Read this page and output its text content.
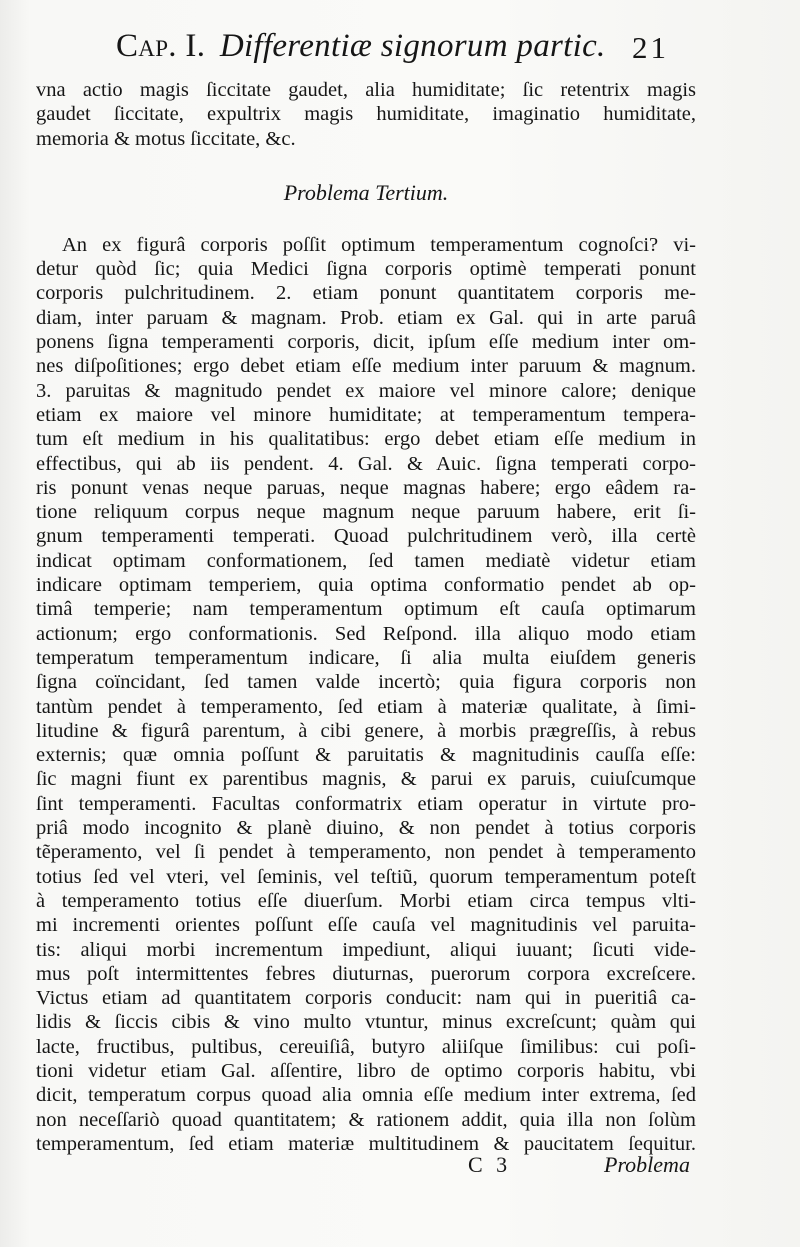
Cap. I. Differentiæ signorum partic. 21
vna actio magis ſiccitate gaudet, alia humiditate; ſic retentrix magis
gaudet ſiccitate, expultrix magis humiditate, imaginatio humiditate,
memoria & motus ſiccitate, &c.
Problema Tertium.
An ex figurâ corporis poſſit optimum temperamentum cognoſci? vi-
detur quòd ſic; quia Medici ſigna corporis optimè temperati ponunt
corporis pulchritudinem. 2. etiam ponunt quantitatem corporis me-
diam, inter paruam & magnam. Prob. etiam ex Gal. qui in arte paruâ
ponens ſigna temperamenti corporis, dicit, ipſum eſſe medium inter om-
nes diſpoſitiones; ergo debet etiam eſſe medium inter paruum & magnum.
3. paruitas & magnitudo pendet ex maiore vel minore calore; denique
etiam ex maiore vel minore humiditate; at temperamentum tempera-
tum eſt medium in his qualitatibus: ergo debet etiam eſſe medium in
effectibus, qui ab iis pendent. 4. Gal. & Auic. ſigna temperati corpo-
ris ponunt venas neque paruas, neque magnas habere; ergo eâdem ra-
tione reliquum corpus neque magnum neque paruum habere, erit ſi-
gnum temperamenti temperati. Quoad pulchritudinem verò, illa certè
indicat optimam conformationem, ſed tamen mediatè videtur etiam
indicare optimam temperiem, quia optima conformatio pendet ab op-
timâ temperie; nam temperamentum optimum eſt cauſa optimarum
actionum; ergo conformationis. Sed Reſpond. illa aliquo modo etiam
temperatum temperamentum indicare, ſi alia multa eiuſdem generis
ſigna coïncidant, ſed tamen valde incertò; quia figura corporis non
tantùm pendet à temperamento, ſed etiam à materiæ qualitate, à ſimi-
litudine & figurâ parentum, à cibi genere, à morbis prægreſſis, à rebus
externis; quæ omnia poſſunt & paruitatis & magnitudinis cauſſa eſſe:
ſic magni fiunt ex parentibus magnis, & parui ex paruis, cuiuſcumque
ſint temperamenti. Facultas conformatrix etiam operatur in virtute pro-
priâ modo incognito & planè diuino, & non pendet à totius corporis
tẽperamento, vel ſi pendet à temperamento, non pendet à temperamento
totius ſed vel vteri, vel ſeminis, vel teſtiũ, quorum temperamentum poteſt
à temperamento totius eſſe diuerſum. Morbi etiam circa tempus vlti-
mi incrementi orientes poſſunt eſſe cauſa vel magnitudinis vel paruita-
tis: aliqui morbi incrementum impediunt, aliqui iuuant; ſicuti vide-
mus poſt intermittentes febres diuturnas, puerorum corpora excreſcere.
Victus etiam ad quantitatem corporis conducit: nam qui in pueritiâ ca-
lidis & ſiccis cibis & vino multo vtuntur, minus excreſcunt; quàm qui
lacte, fructibus, pultibus, cereuiſiâ, butyro aliiſque ſimilibus: cui poſi-
tioni videtur etiam Gal. aſſentire, libro de optimo corporis habitu, vbi
dicit, temperatum corpus quoad alia omnia eſſe medium inter extrema, ſed
non neceſſariò quoad quantitatem; & rationem addit, quia illa non ſolùm
temperamentum, ſed etiam materiæ multitudinem & paucitatem ſequitur.
C 3	Problema
